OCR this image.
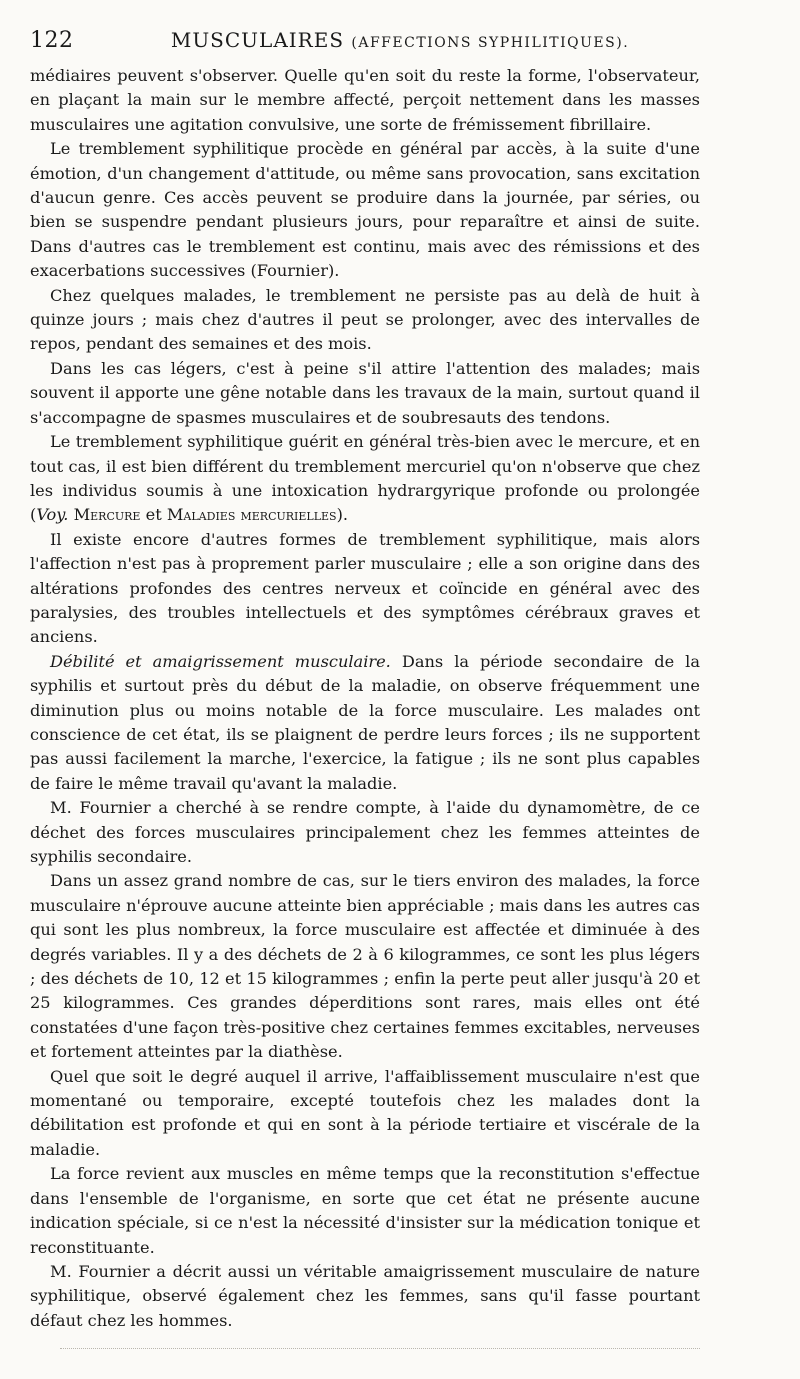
122	MUSCULAIRES (AFFECTIONS SYPHILITIQUES).

médiaires peuvent s'observer. Quelle qu'en soit du reste la forme, l'observateur, en plaçant la main sur le membre affecté, perçoit nettement dans les masses musculaires une agitation convulsive, une sorte de frémissement fibrillaire.

Le tremblement syphilitique procède en général par accès, à la suite d'une émotion, d'un changement d'attitude, ou même sans provocation, sans excitation d'aucun genre. Ces accès peuvent se produire dans la journée, par séries, ou bien se suspendre pendant plusieurs jours, pour reparaître et ainsi de suite. Dans d'autres cas le tremblement est continu, mais avec des rémissions et des exacerbations successives (Fournier).

Chez quelques malades, le tremblement ne persiste pas au delà de huit à quinze jours ; mais chez d'autres il peut se prolonger, avec des intervalles de repos, pendant des semaines et des mois.

Dans les cas légers, c'est à peine s'il attire l'attention des malades; mais souvent il apporte une gêne notable dans les travaux de la main, surtout quand il s'accompagne de spasmes musculaires et de soubresauts des tendons.

Le tremblement syphilitique guérit en général très-bien avec le mercure, et en tout cas, il est bien différent du tremblement mercuriel qu'on n'observe que chez les individus soumis à une intoxication hydrargyrique profonde ou prolongée (Voy. Mercure et Maladies mercurielles).

Il existe encore d'autres formes de tremblement syphilitique, mais alors l'affection n'est pas à proprement parler musculaire ; elle a son origine dans des altérations profondes des centres nerveux et coïncide en général avec des paralysies, des troubles intellectuels et des symptômes cérébraux graves et anciens.

Débilité et amaigrissement musculaire. Dans la période secondaire de la syphilis et surtout près du début de la maladie, on observe fréquemment une diminution plus ou moins notable de la force musculaire. Les malades ont conscience de cet état, ils se plaignent de perdre leurs forces ; ils ne supportent pas aussi facilement la marche, l'exercice, la fatigue ; ils ne sont plus capables de faire le même travail qu'avant la maladie.

M. Fournier a cherché à se rendre compte, à l'aide du dynamomètre, de ce déchet des forces musculaires principalement chez les femmes atteintes de syphilis secondaire.

Dans un assez grand nombre de cas, sur le tiers environ des malades, la force musculaire n'éprouve aucune atteinte bien appréciable ; mais dans les autres cas qui sont les plus nombreux, la force musculaire est affectée et diminuée à des degrés variables. Il y a des déchets de 2 à 6 kilogrammes, ce sont les plus légers ; des déchets de 10, 12 et 15 kilogrammes ; enfin la perte peut aller jusqu'à 20 et 25 kilogrammes. Ces grandes déperditions sont rares, mais elles ont été constatées d'une façon très-positive chez certaines femmes excitables, nerveuses et fortement atteintes par la diathèse.

Quel que soit le degré auquel il arrive, l'affaiblissement musculaire n'est que momentané ou temporaire, excepté toutefois chez les malades dont la débilitation est profonde et qui en sont à la période tertiaire et viscérale de la maladie.

La force revient aux muscles en même temps que la reconstitution s'effectue dans l'ensemble de l'organisme, en sorte que cet état ne présente aucune indication spéciale, si ce n'est la nécessité d'insister sur la médication tonique et reconstituante.

M. Fournier a décrit aussi un véritable amaigrissement musculaire de nature syphilitique, observé également chez les femmes, sans qu'il fasse pourtant défaut chez les hommes.
